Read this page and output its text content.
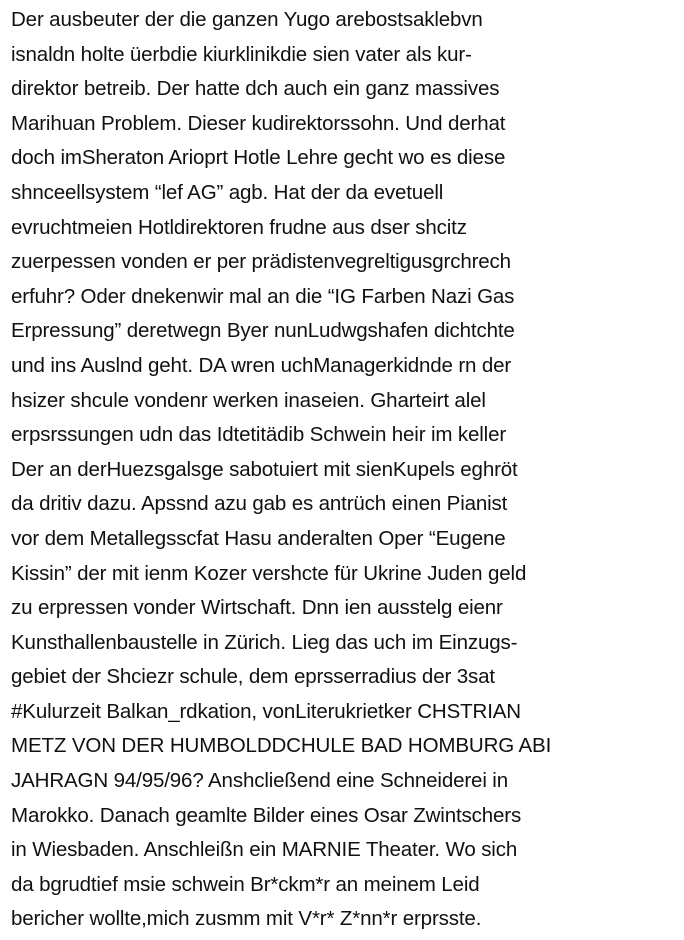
Der ausbeuter der die ganzen Yugo arebostsaklebvn
isnaldn holte üerbdie kiurklinikdie sien vater als kur-
direktor betreib. Der hatte dch auch ein ganz massives
Marihuan Problem. Dieser kudirektorssohn. Und derhat
doch imSheraton Arioprt Hotle Lehre gecht wo es diese
shnceellsystem “lef AG” agb. Hat der da evetuell
evruchtmeien Hotldirektoren frudne aus dser shcitz
zuerpessen vonden er per prädistenvegreltigusgrchrech
erfuhr? Oder dnekenwir mal an die “IG Farben Nazi Gas
Erpressung” deretwegn Byer nunLudwgshafen dichtchte
und ins Auslnd geht. DA wren uchManagerkidnde rn der
hsizer shcule vondenr werken inaseien. Gharteirt alel
erpsrssungen udn das Idtetitädib Schwein heir im keller
Der an derHuezsgalsge sabotuiert mit sienKupels eghröt
da dritiv dazu. Apssnd azu gab es antrüch einen Pianist
vor dem Metallegsscfat Hasu anderalten Oper “Eugene
Kissin” der mit ienm Kozer vershcte für Ukrine Juden geld
zu erpressen vonder Wirtschaft. Dnn ien ausstelg eienr
Kunsthallenbaustelle in Zürich. Lieg das uch im Einzugs-
gebiet der Shciezr schule, dem eprsserradius der 3sat
#Kulurzeit Balkan_rdkation, vonLiterukrietker CHSTRIAN
METZ VON DER HUMBOLDDCHULE BAD HOMBURG ABI
JAHRAGN 94/95/96? Anshcließend eine Schneiderei in
Marokko. Danach geamlte Bilder eines Osar Zwintschers
in Wiesbaden. Anschleißn ein MARNIE Theater. Wo sich
da bgrudtief msie schwein Br*ckm*r an meinem Leid
bericher wollte,mich zusmm mit V*r* Z*nn*r erprsste.
